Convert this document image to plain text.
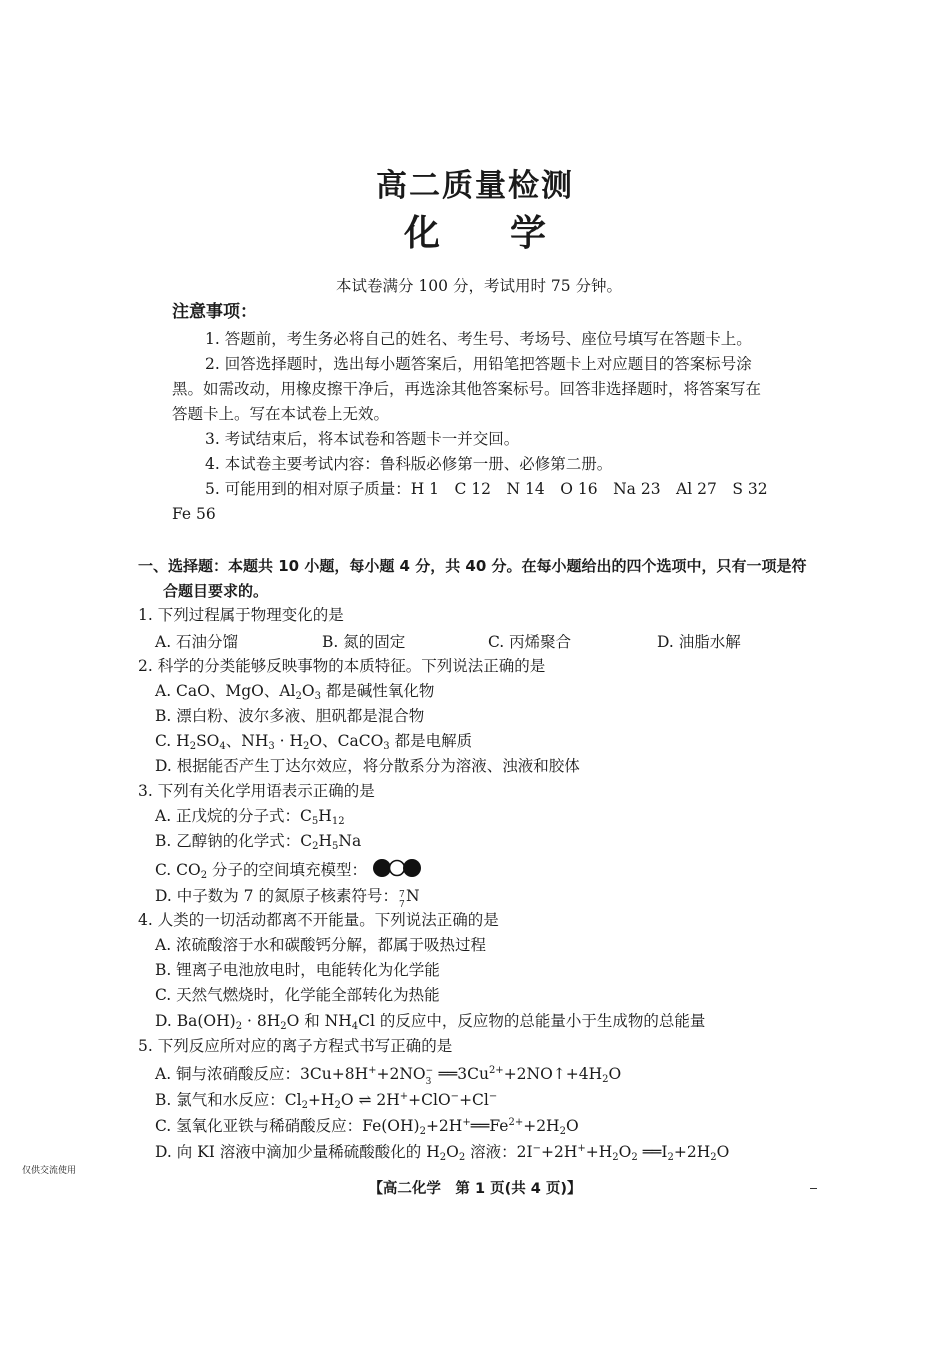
高二质量检测
化学
本试卷满分 100 分，考试用时 75 分钟。
注意事项：
1. 答题前，考生务必将自己的姓名、考生号、考场号、座位号填写在答题卡上。
2. 回答选择题时，选出每小题答案后，用铅笔把答题卡上对应题目的答案标号涂
黑。如需改动，用橡皮擦干净后，再选涂其他答案标号。回答非选择题时，将答案写在
答题卡上。写在本试卷上无效。
3. 考试结束后，将本试卷和答题卡一并交回。
4. 本试卷主要考试内容：鲁科版必修第一册、必修第二册。
5. 可能用到的相对原子质量：H 1　C 12　N 14　O 16　Na 23　Al 27　S 32
Fe 56
一、选择题：本题共 10 小题，每小题 4 分，共 40 分。在每小题给出的四个选项中，只有一项是符
合题目要求的。
1. 下列过程属于物理变化的是
A. 石油分馏	B. 氮的固定	C. 丙烯聚合	D. 油脂水解
2. 科学的分类能够反映事物的本质特征。下列说法正确的是
A. CaO、MgO、$Al_2O_3$ 都是碱性氧化物
B. 漂白粉、波尔多液、胆矾都是混合物
C. $H_2SO_4$、$NH_3 \cdot H_2O$、CaCO$_3$ 都是电解质
D. 根据能否产生丁达尔效应，将分散系分为溶液、浊液和胶体
3. 下列有关化学用语表示正确的是
A. 正戊烷的分子式：$C_5H_{12}$
B. 乙醇钠的化学式：$C_2H_5Na$
C. $CO_2$ 分子的空间填充模型：
D. 中子数为 7 的氮原子核素符号： 7
7 N
4. 人类的一切活动都离不开能量。下列说法正确的是
A. 浓硫酸溶于水和碳酸钙分解，都属于吸热过程
B. 锂离子电池放电时，电能转化为化学能
C. 天然气燃烧时，化学能全部转化为热能
D. $Ba(OH)_2 \cdot 8H_2O$ 和 $NH_4Cl$ 的反应中，反应物的总能量小于生成物的总能量
5. 下列反应所对应的离子方程式书写正确的是
A. 铜与浓硝酸反应：3Cu+8H++2NO −
3 $══3Cu^{2+}+2NO↑+4H_2O$
B. 氯气和水反应：$Cl_2+H_2O$ ⇌ 2H++ClO−+Cl−
C. 氢氧化亚铁与稀硝酸反应：$Fe(OH)_2+2H^+══Fe^{2+}+2H_2O$
D. 向 KI 溶液中滴加少量稀硫酸酸化的 $H_2O_2$ 溶液：$2I^-+2H^++H_2O_2$ $══I_2+2H_2O$
仅供交流使用
【高二化学　第 1 页(共 4 页)】
